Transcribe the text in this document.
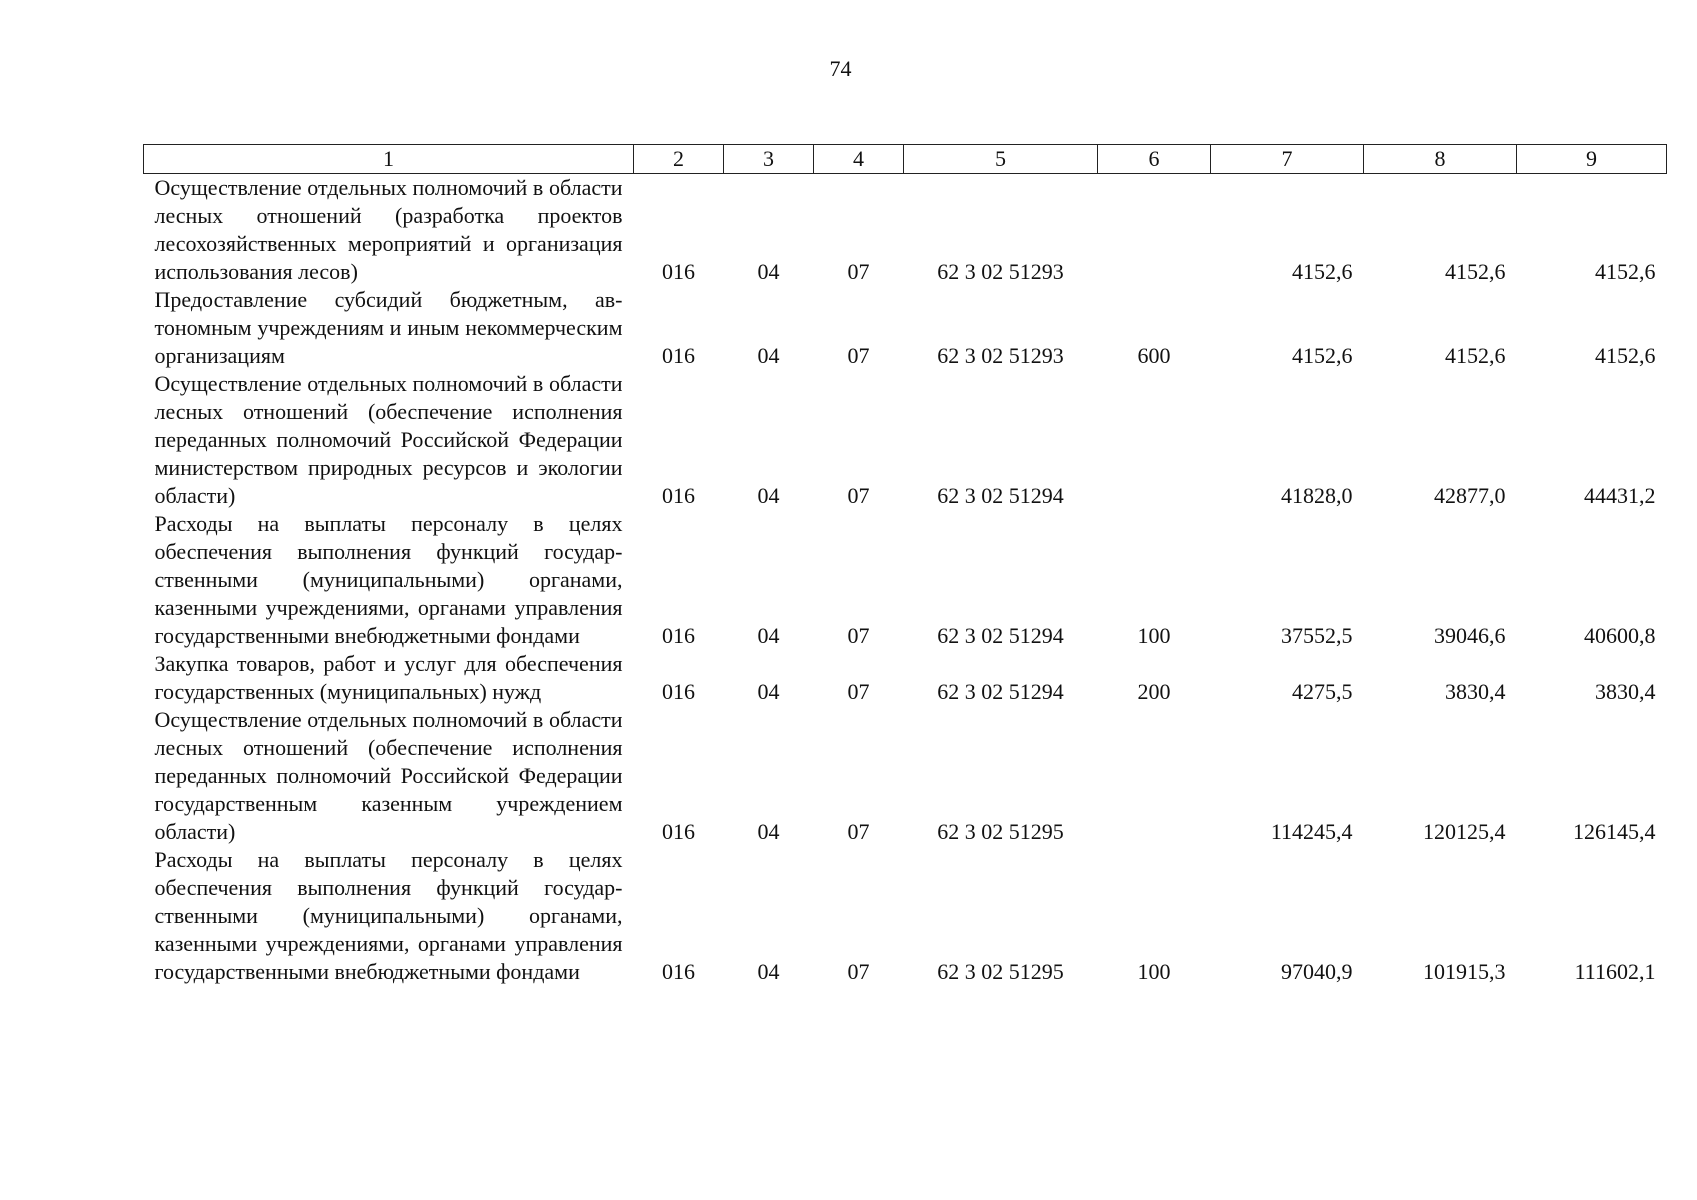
74
1	2	3	4	5	6	7	8	9
Осуществление отдельных полномочий в области лесных отношений (разработка проектов лесохозяйственных мероприятий и организация использования лесов)	016	04	07	62 3 02 51293		4152,6	4152,6	4152,6
Предоставление субсидий бюджетным, автономным учреждениям и иным некоммерческим организациям	016	04	07	62 3 02 51293	600	4152,6	4152,6	4152,6
Осуществление отдельных полномочий в области лесных отношений (обеспечение исполнения переданных полномочий Российской Федерации министерством природных ресурсов и экологии области)	016	04	07	62 3 02 51294		41828,0	42877,0	44431,2
Расходы на выплаты персоналу в целях обеспечения выполнения функций государственными (муниципальными) органами, казенными учреждениями, органами управления государственными внебюджетными фондами	016	04	07	62 3 02 51294	100	37552,5	39046,6	40600,8
Закупка товаров, работ и услуг для обеспечения государственных (муниципальных) нужд	016	04	07	62 3 02 51294	200	4275,5	3830,4	3830,4
Осуществление отдельных полномочий в области лесных отношений (обеспечение исполнения переданных полномочий Российской Федерации государственным казенным учреждением области)	016	04	07	62 3 02 51295		114245,4	120125,4	126145,4
Расходы на выплаты персоналу в целях обеспечения выполнения функций государственными (муниципальными) органами, казенными учреждениями, органами управления государственными внебюджетными фондами	016	04	07	62 3 02 51295	100	97040,9	101915,3	111602,1
